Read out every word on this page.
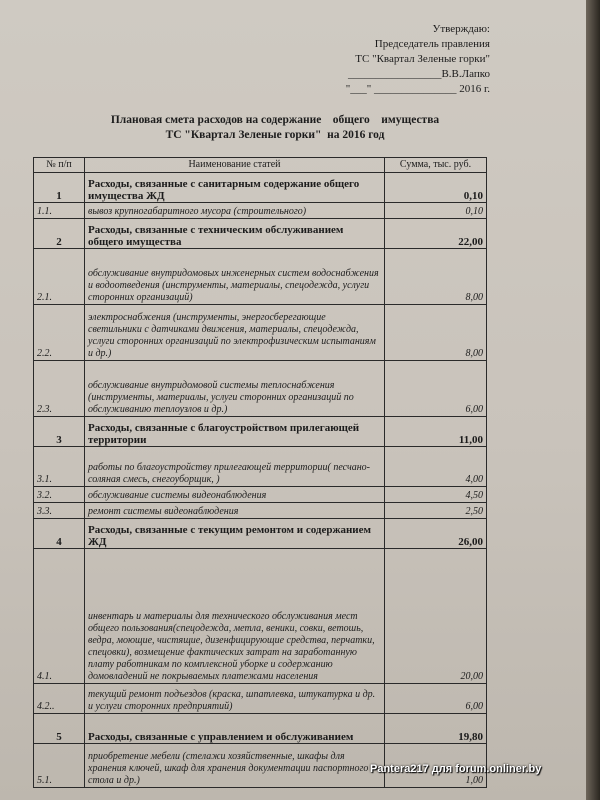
Утверждаю:
Председатель правления
ТС "Квартал Зеленые горки"
_________________В.В.Лапко
"___" _______________ 2016 г.
Плановая смета расходов на содержание    общего    имущества
ТС "Квартал Зеленые горки"  на 2016 год
№ п/п	Наименование статей	Сумма, тыс. руб.
1	Расходы, связанные с санитарным содержание общего имущества ЖД	0,10
1.1.	вывоз крупногабаритного мусора (строительного)	0,10
2	Расходы, связанные с техническим обслуживанием общего имущества	22,00
2.1.	обслуживание внутридомовых инженерных систем водоснабжения и водоотведения (инструменты, материалы, спецодежда, услуги сторонних организаций)	8,00
2.2.	электроснабжения (инструменты, энергосберегающие светильники с датчиками движения, материалы, спецодежда, услуги сторонних организаций по электрофизическим испытаниям и др.)	8,00
2.3.	обслуживание внутридомовой системы теплоснабжения (инструменты, материалы, услуги сторонних организаций по обслуживанию теплоузлов и др.)	6,00
3	Расходы, связанные с благоустройством прилегающей территории	11,00
3.1.	работы по благоустройству прилегающей территории( песчано-соляная смесь, снегоуборщик, )	4,00
3.2.	обслуживание системы видеонаблюдения	4,50
3.3.	ремонт системы видеонаблюдения	2,50
4	Расходы, связанные с текущим ремонтом и содержанием ЖД	26,00
4.1.	инвентарь и материалы для технического обслуживания мест общего пользования(спецодежда, метла, веники, совки, ветошь, ведра, моющие, чистящие, дизенфицирующие средства, перчатки, спецовки), возмещение фактических затрат на заработанную плату работникам по комплексной уборке и содержанию домовладений не покрываемых платежами населения	20,00
4.2..	текущий ремонт подъездов (краска, шпатлевка, штукатурка и др. и услуги сторонних предприятий)	6,00
5	Расходы, связанные с управлением и обслуживанием	19,80
5.1.	приобретение мебели (стелажи хозяйственные, шкафы для хранения ключей, шкаф для хранения документации паспортного стола и др.)	1,00
Pantera217 для forum.onliner.by
